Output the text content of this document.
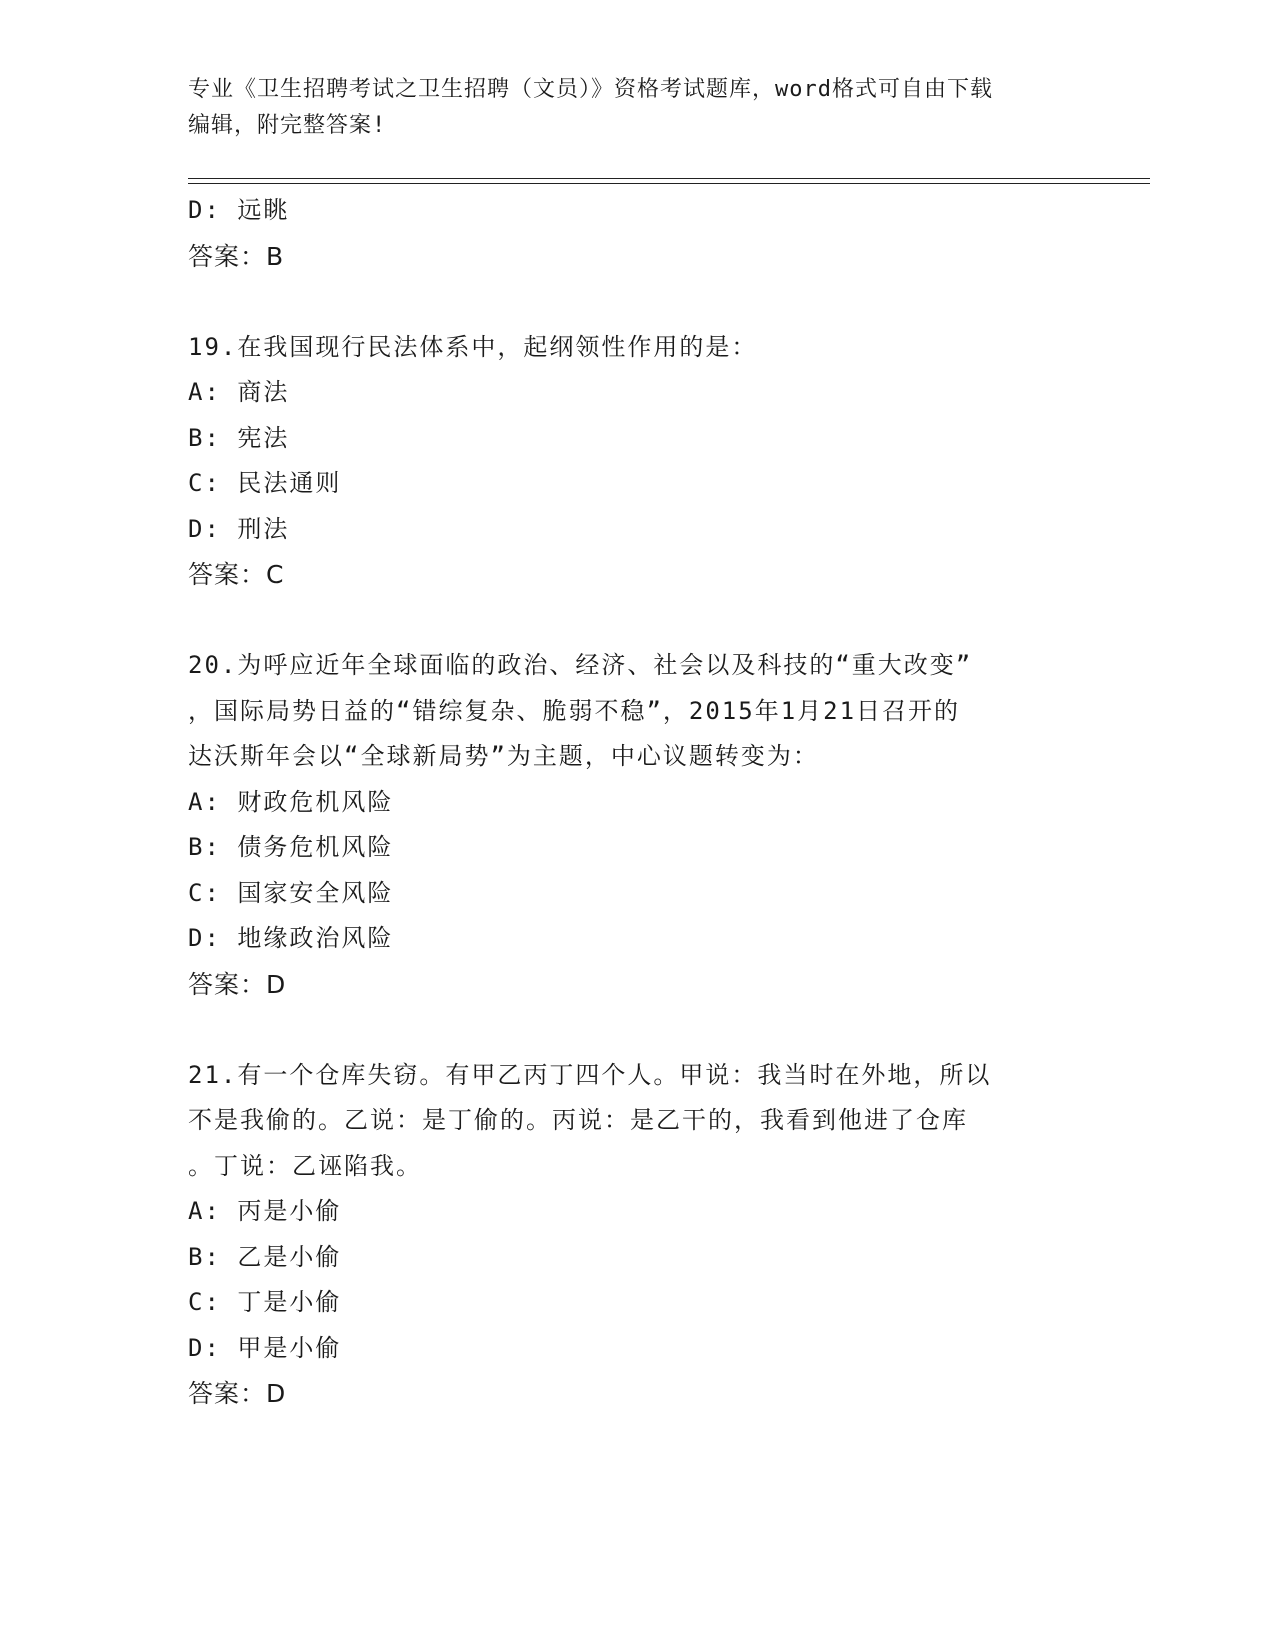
专业《卫生招聘考试之卫生招聘（文员）》资格考试题库，word格式可自由下载
编辑，附完整答案!
D: 远眺
答案：B
19.在我国现行民法体系中，起纲领性作用的是：
A: 商法
B: 宪法
C: 民法通则
D: 刑法
答案：C
20.为呼应近年全球面临的政治、经济、社会以及科技的“重大改变”
，国际局势日益的“错综复杂、脆弱不稳”，2015年1月21日召开的
达沃斯年会以“全球新局势”为主题，中心议题转变为：
A: 财政危机风险
B: 债务危机风险
C: 国家安全风险
D: 地缘政治风险
答案：D
21.有一个仓库失窃。有甲乙丙丁四个人。甲说：我当时在外地，所以
不是我偷的。乙说：是丁偷的。丙说：是乙干的，我看到他进了仓库
。丁说：乙诬陷我。
A: 丙是小偷
B: 乙是小偷
C: 丁是小偷
D: 甲是小偷
答案：D
